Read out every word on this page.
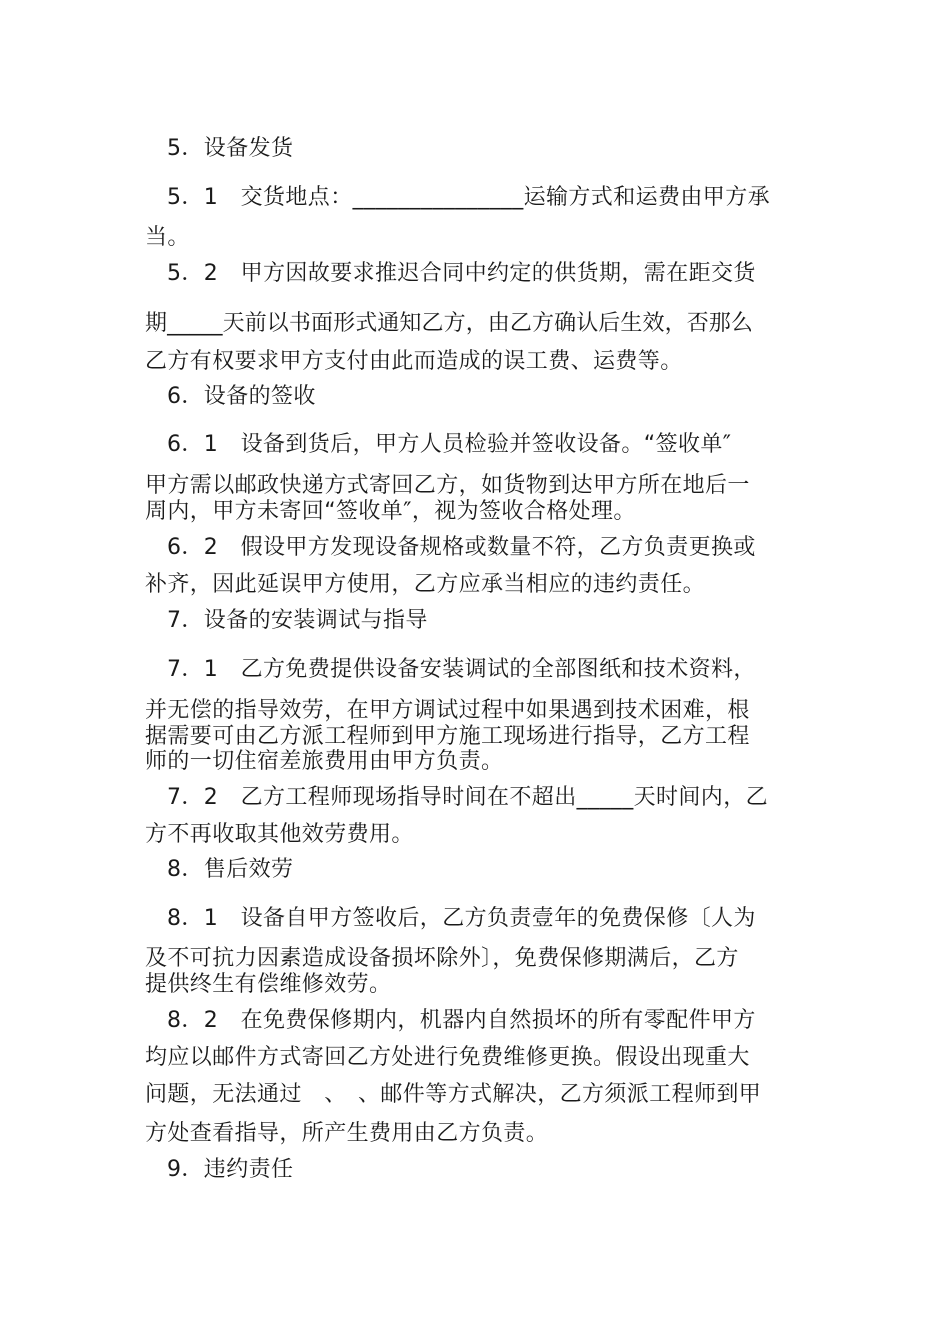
5．设备发货
5．1　交货地点：_______________运输方式和运费由甲方承
当。
5．2　甲方因故要求推迟合同中约定的供货期，需在距交货
期_____天前以书面形式通知乙方，由乙方确认后生效，否那么
乙方有权要求甲方支付由此而造成的误工费、运费等。
6．设备的签收
6．1　设备到货后，甲方人员检验并签收设备。“签收单″
甲方需以邮政快递方式寄回乙方，如货物到达甲方所在地后一
周内，甲方未寄回“签收单″，视为签收合格处理。
6．2　假设甲方发现设备规格或数量不符，乙方负责更换或
补齐，因此延误甲方使用，乙方应承当相应的违约责任。
7．设备的安装调试与指导
7．1　乙方免费提供设备安装调试的全部图纸和技术资料，
并无偿的指导效劳，在甲方调试过程中如果遇到技术困难，根
据需要可由乙方派工程师到甲方施工现场进行指导，乙方工程
师的一切住宿差旅费用由甲方负责。
7．2　乙方工程师现场指导时间在不超出_____天时间内，乙
方不再收取其他效劳费用。
8．售后效劳
8．1　设备自甲方签收后，乙方负责壹年的免费保修〔人为
及不可抗力因素造成设备损坏除外〕，免费保修期满后，乙方
提供终生有偿维修效劳。
8．2　在免费保修期内，机器内自然损坏的所有零配件甲方
均应以邮件方式寄回乙方处进行免费维修更换。假设出现重大
问题，无法通过　、　、邮件等方式解决，乙方须派工程师到甲
方处查看指导，所产生费用由乙方负责。
9．违约责任
